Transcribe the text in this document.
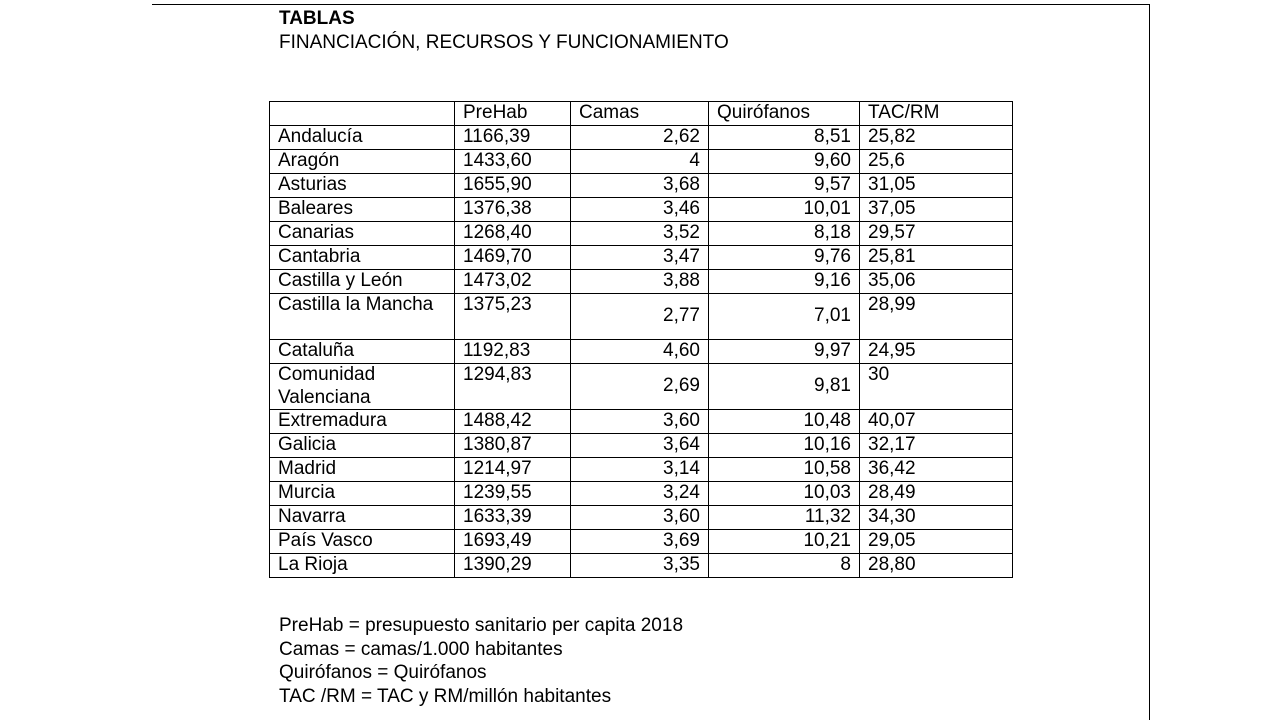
TABLAS
FINANCIACIÓN, RECURSOS Y FUNCIONAMIENTO
	PreHab	Camas	Quirófanos	TAC/RM
Andalucía	1166,39	2,62	8,51	25,82
Aragón	1433,60	4	9,60	25,6
Asturias	1655,90	3,68	9,57	31,05
Baleares	1376,38	3,46	10,01	37,05
Canarias	1268,40	3,52	8,18	29,57
Cantabria	1469,70	3,47	9,76	25,81
Castilla y León	1473,02	3,88	9,16	35,06
Castilla la Mancha	1375,23	2,77	7,01	28,99
Cataluña	1192,83	4,60	9,97	24,95
Comunidad Valenciana	1294,83	2,69	9,81	30
Extremadura	1488,42	3,60	10,48	40,07
Galicia	1380,87	3,64	10,16	32,17
Madrid	1214,97	3,14	10,58	36,42
Murcia	1239,55	3,24	10,03	28,49
Navarra	1633,39	3,60	11,32	34,30
País Vasco	1693,49	3,69	10,21	29,05
La Rioja	1390,29	3,35	8	28,80
PreHab = presupuesto sanitario per capita 2018
Camas = camas/1.000 habitantes
Quirófanos = Quirófanos
TAC /RM = TAC y RM/millón habitantes
